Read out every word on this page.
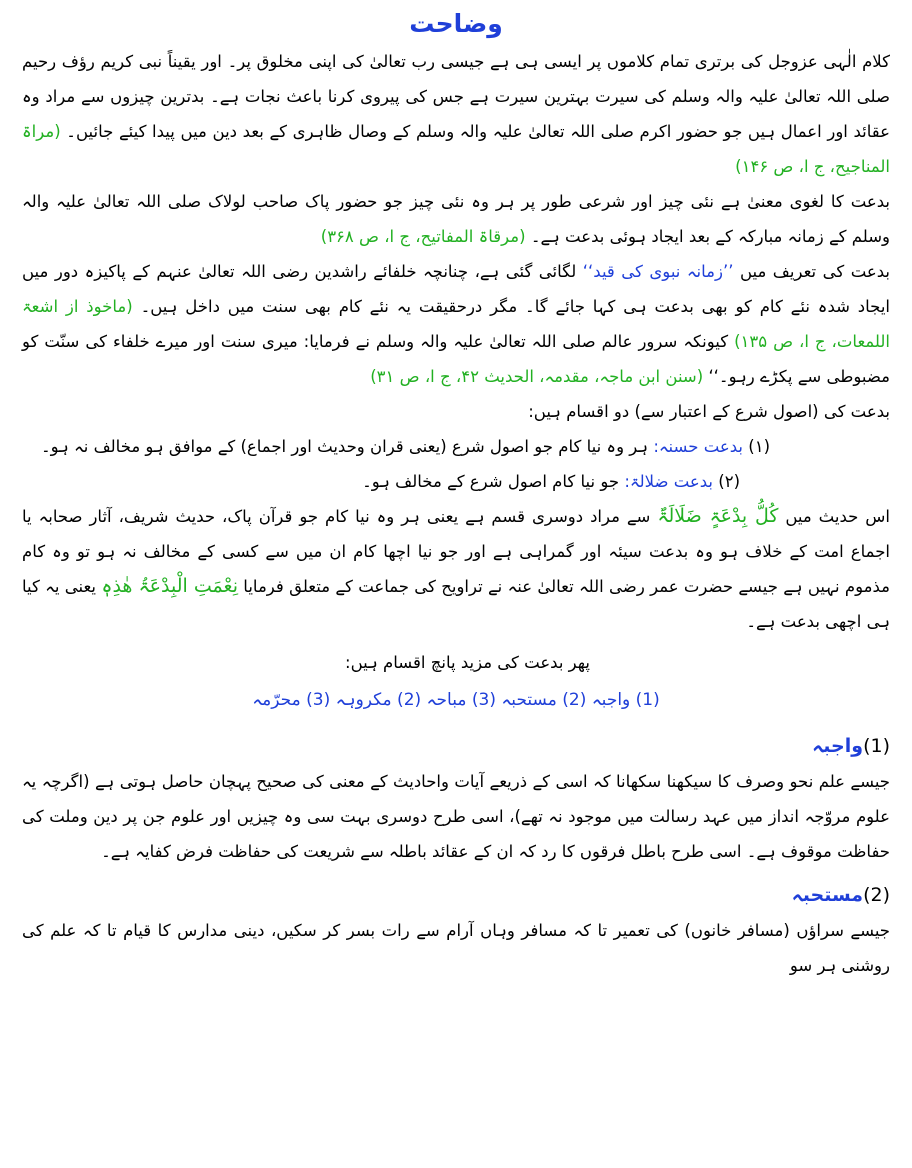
وضاحت

کلام الٰہی عزوجل کی برتری تمام کلاموں پر ایسی ہی ہے جیسی رب تعالیٰ کی اپنی مخلوق پر۔ اور یقیناً نبی کریم رؤف رحیم صلی اللہ تعالیٰ علیہ والہ وسلم کی سیرت بہترین سیرت ہے جس کی پیروی کرنا باعث نجات ہے۔ بدترین چیزوں سے مراد وہ عقائد اور اعمال ہیں جو حضور اکرم صلی اللہ تعالیٰ علیہ والہ وسلم کے وصال ظاہری کے بعد دین میں پیدا کیئے جائیں۔ (مراۃ المناجیح، ج ا، ص ۱۴۶)

بدعت کا لغوی معنیٰ ہے نئی چیز اور شرعی طور پر ہر وہ نئی چیز جو حضور پاک صاحب لولاک صلی اللہ تعالیٰ علیہ والہ وسلم کے زمانہ مبارکہ کے بعد ایجاد ہوئی بدعت ہے۔ (مرقاۃ المفاتیح، ج ا، ص ۳۶۸)

بدعت کی تعریف میں ’’زمانہ نبوی کی قید‘‘ لگائی گئی ہے، چنانچہ خلفائے راشدین رضی اللہ تعالیٰ عنہم کے پاکیزہ دور میں ایجاد شدہ نئے کام کو بھی بدعت ہی کہا جائے گا۔ مگر درحقیقت یہ نئے کام بھی سنت میں داخل ہیں۔ (ماخوذ از اشعۃ اللمعات، ج ا، ص ۱۳۵) کیونکہ سرور عالم صلی اللہ تعالیٰ علیہ والہ وسلم نے فرمایا: میری سنت اور میرے خلفاء کی سنّت کو مضبوطی سے پکڑے رہو۔‘‘ (سنن ابن ماجہ، مقدمہ، الحدیث ۴۲، ج ا، ص ۳۱)

بدعت کی (اصول شرع کے اعتبار سے) دو اقسام ہیں:

(۱) بدعت حسنہ: ہر وہ نیا کام جو اصول شرع (یعنی قران وحدیث اور اجماع) کے موافق ہو مخالف نہ ہو۔

(۲) بدعت ضلالۃ: جو نیا کام اصول شرع کے مخالف ہو۔

اس حدیث میں کُلُّ بِدْعَۃٍ ضَلَالَۃٌ سے مراد دوسری قسم ہے یعنی ہر وہ نیا کام جو قرآن پاک، حدیث شریف، آثار صحابہ یا اجماع امت کے خلاف ہو وہ بدعت سیئہ اور گمراہی ہے اور جو نیا اچھا کام ان میں سے کسی کے مخالف نہ ہو تو وہ کام مذموم نہیں ہے جیسے حضرت عمر رضی اللہ تعالیٰ عنہ نے تراویح کی جماعت کے متعلق فرمایا نِعْمَتِ الْبِدْعَۃُ ھٰذِہٖ یعنی یہ کیا ہی اچھی بدعت ہے۔

پھر بدعت کی مزید پانچ اقسام ہیں:

(1) واجبہ (2) مستحبہ (3) مباحہ (2) مکروہہ (3) محرّمہ

(1)واجبہ

جیسے علم نحو وصرف کا سیکھنا سکھانا کہ اسی کے ذریعے آیات واحادیث کے معنی کی صحیح پہچان حاصل ہوتی ہے (اگرچہ یہ علوم مروّجہ انداز میں عہد رسالت میں موجود نہ تھے)، اسی طرح دوسری بہت سی وہ چیزیں اور علوم جن پر دین وملت کی حفاظت موقوف ہے۔ اسی طرح باطل فرقوں کا رد کہ ان کے عقائد باطلہ سے شریعت کی حفاظت فرض کفایہ ہے۔

(2)مستحبہ

جیسے سراؤں (مسافر خانوں) کی تعمیر تا کہ مسافر وہاں آرام سے رات بسر کر سکیں، دینی مدارس کا قیام تا کہ علم کی روشنی ہر سو
